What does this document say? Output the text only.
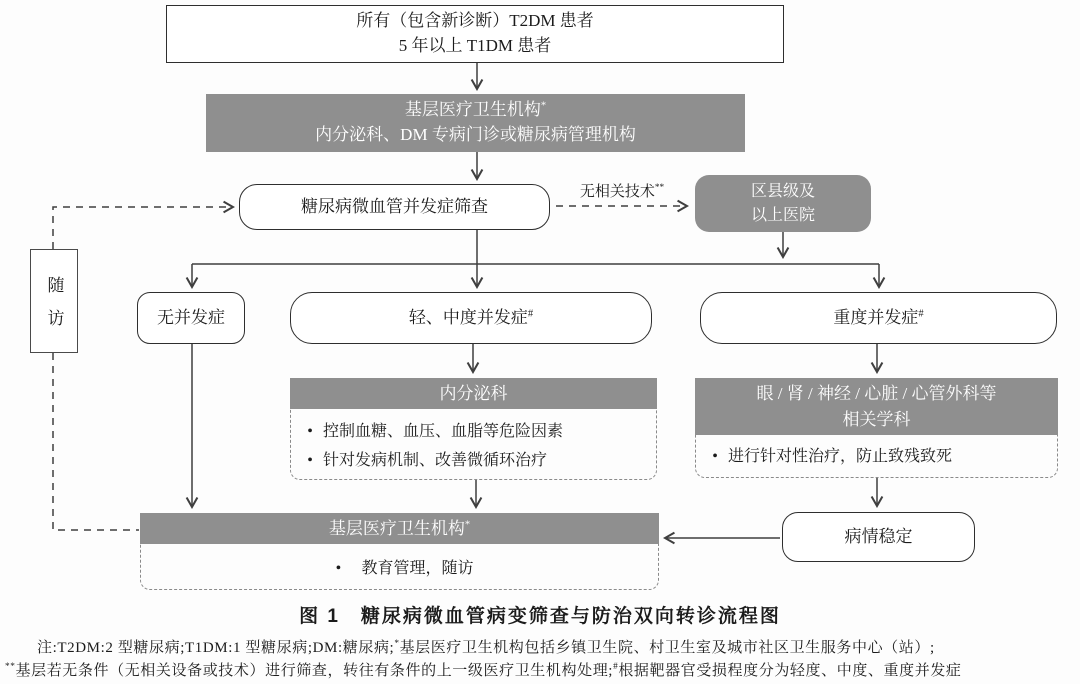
所有（包含新诊断）T2DM 患者
5 年以上 T1DM 患者
基层医疗卫生机构*
内分泌科、DM 专病门诊或糖尿病管理机构
糖尿病微血管并发症筛查
无相关技术**	区县级及
以上医院
随访	无并发症	轻、中度并发症#	重度并发症#
内分泌科
• 控制血糖、血压、血脂等危险因素
• 针对发病机制、改善微循环治疗
眼 / 肾 / 神经 / 心脏 / 心管外科等
相关学科
• 进行针对性治疗，防止致残致死
基层医疗卫生机构*
•	教育管理，随访
病情稳定
图 1　糖尿病微血管病变筛查与防治双向转诊流程图
注:T2DM:2 型糖尿病;T1DM:1 型糖尿病;DM:糖尿病;*基层医疗卫生机构包括乡镇卫生院、村卫生室及城市社区卫生服务中心（站）;
**基层若无条件（无相关设备或技术）进行筛查，转往有条件的上一级医疗卫生机构处理;#根据靶器官受损程度分为轻度、中度、重度并发症
